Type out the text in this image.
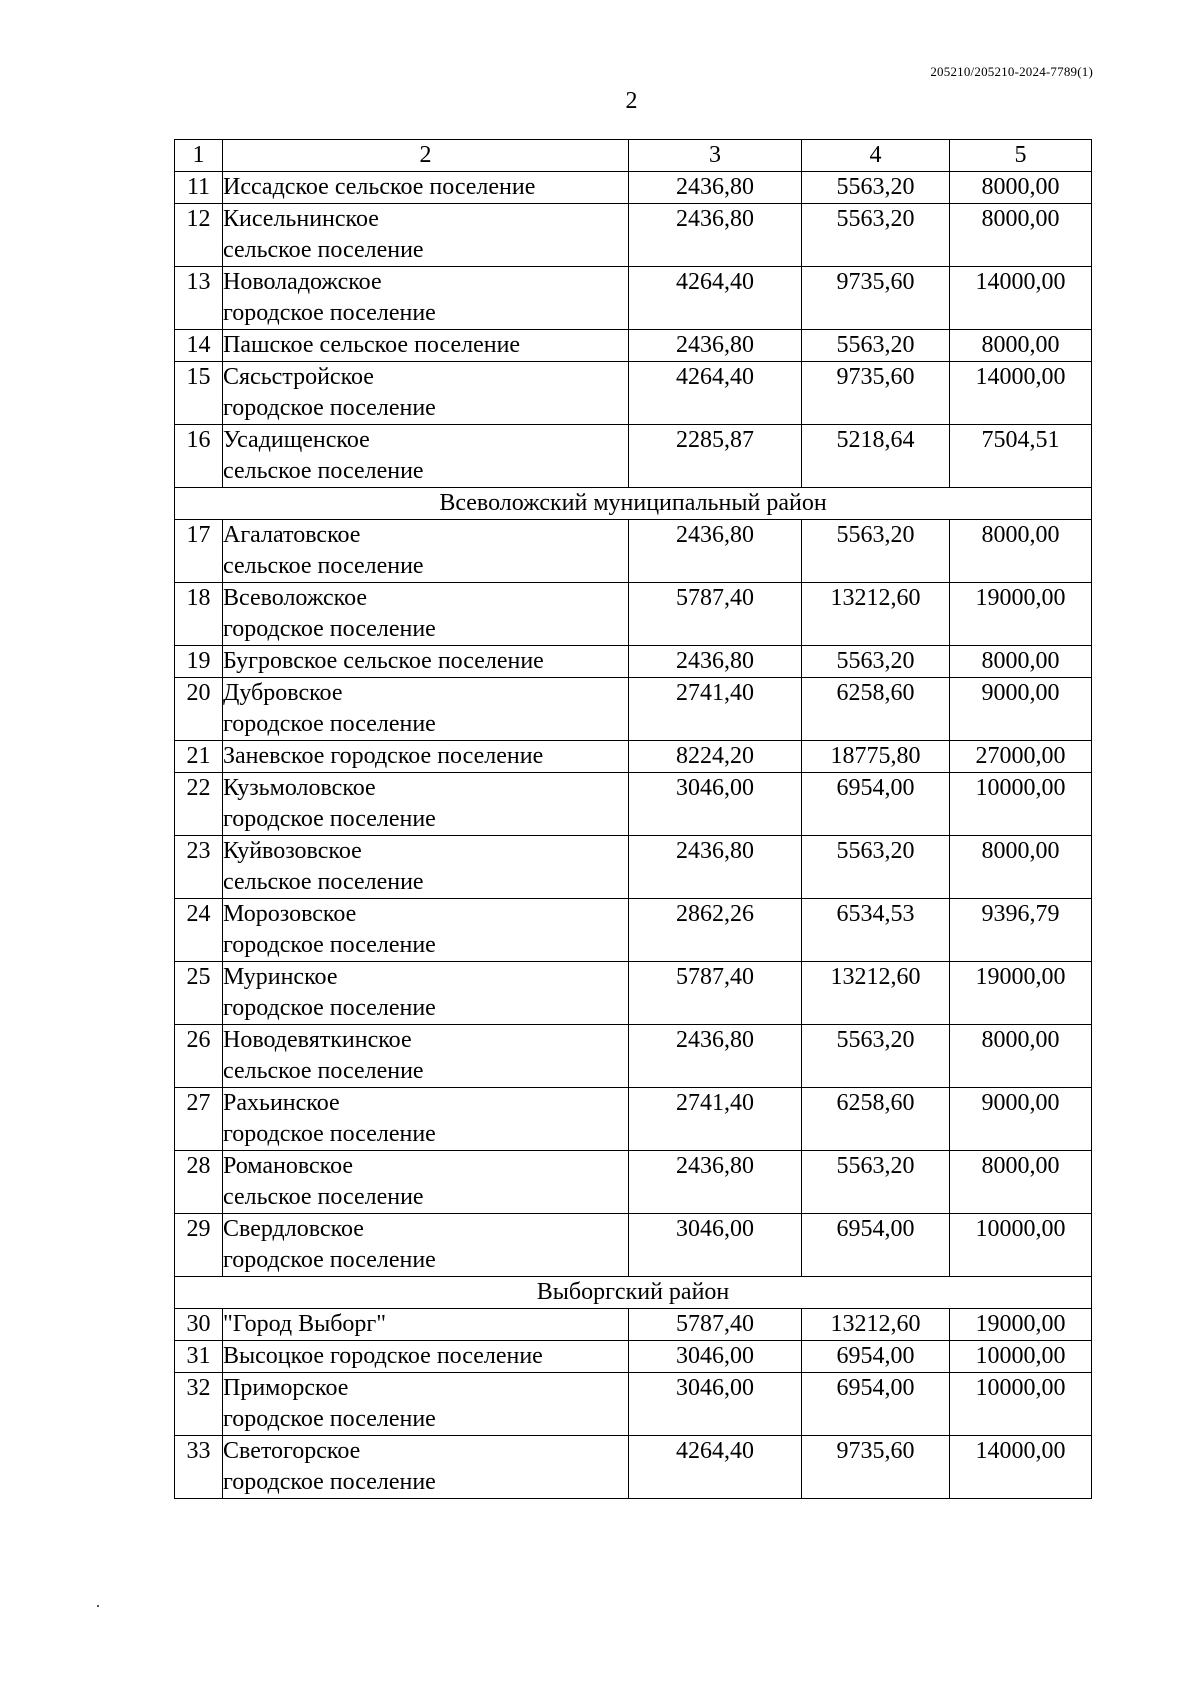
205210/205210-2024-7789(1)
2
1	2	3	4	5
11	Иссадское сельское поселение	2436,80	5563,20	8000,00
12	Кисельнинское
сельское поселение	2436,80	5563,20	8000,00
13	Новоладожское
городское поселение	4264,40	9735,60	14000,00
14	Пашское сельское поселение	2436,80	5563,20	8000,00
15	Сясьстройское
городское поселение	4264,40	9735,60	14000,00
16	Усадищенское
сельское поселение	2285,87	5218,64	7504,51
Всеволожский муниципальный район				
17	Агалатовское
сельское поселение	2436,80	5563,20	8000,00
18	Всеволожское
городское поселение	5787,40	13212,60	19000,00
19	Бугровское сельское поселение	2436,80	5563,20	8000,00
20	Дубровское
городское поселение	2741,40	6258,60	9000,00
21	Заневское городское поселение	8224,20	18775,80	27000,00
22	Кузьмоловское
городское поселение	3046,00	6954,00	10000,00
23	Куйвозовское
сельское поселение	2436,80	5563,20	8000,00
24	Морозовское
городское поселение	2862,26	6534,53	9396,79
25	Муринское
городское поселение	5787,40	13212,60	19000,00
26	Новодевяткинское
сельское поселение	2436,80	5563,20	8000,00
27	Рахьинское
городское поселение	2741,40	6258,60	9000,00
28	Романовское
сельское поселение	2436,80	5563,20	8000,00
29	Свердловское
городское поселение	3046,00	6954,00	10000,00
Выборгский район				
30	"Город Выборг"	5787,40	13212,60	19000,00
31	Высоцкое городское поселение	3046,00	6954,00	10000,00
32	Приморское
городское поселение	3046,00	6954,00	10000,00
33	Светогорское
городское поселение	4264,40	9735,60	14000,00
